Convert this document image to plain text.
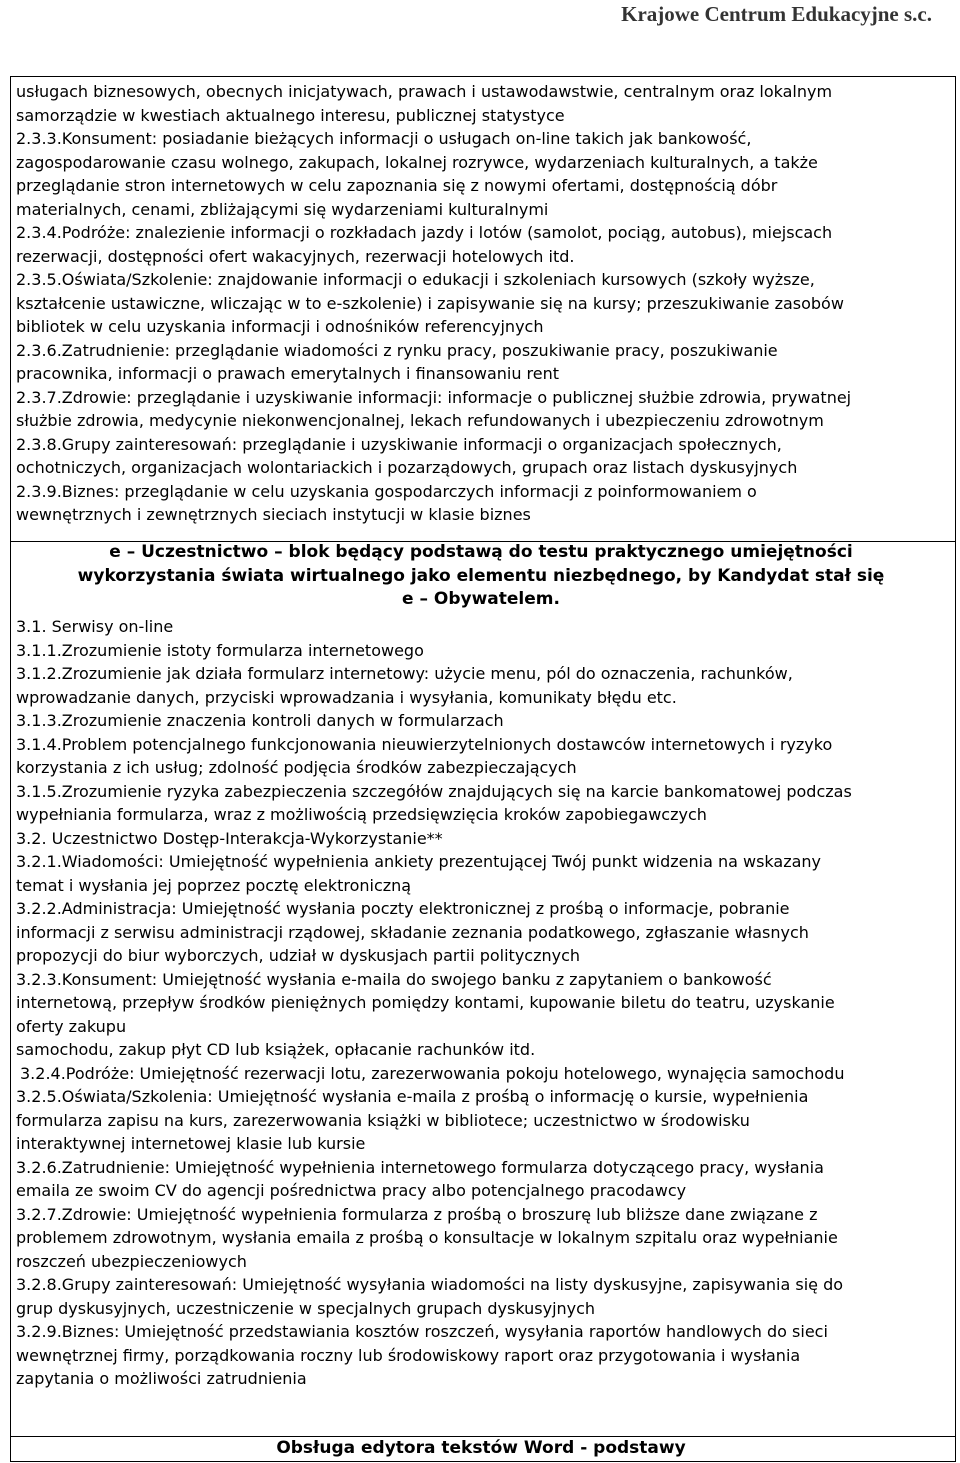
Krajowe Centrum Edukacyjne s.c.
usługach biznesowych, obecnych inicjatywach, prawach i ustawodawstwie, centralnym oraz lokalnym
samorządzie w kwestiach aktualnego interesu, publicznej statystyce
2.3.3.Konsument: posiadanie bieżących informacji o usługach on-line takich jak bankowość,
zagospodarowanie czasu wolnego, zakupach, lokalnej rozrywce, wydarzeniach kulturalnych, a także
przeglądanie stron internetowych w celu zapoznania się z nowymi ofertami, dostępnością dóbr
materialnych, cenami, zbliżającymi się wydarzeniami kulturalnymi
2.3.4.Podróże: znalezienie informacji o rozkładach jazdy i lotów (samolot, pociąg, autobus), miejscach
rezerwacji, dostępności ofert wakacyjnych, rezerwacji hotelowych itd.
2.3.5.Oświata/Szkolenie: znajdowanie informacji o edukacji i szkoleniach kursowych (szkoły wyższe,
kształcenie ustawiczne, wliczając w to e-szkolenie) i zapisywanie się na kursy; przeszukiwanie zasobów
bibliotek w celu uzyskania informacji i odnośników referencyjnych
2.3.6.Zatrudnienie: przeglądanie wiadomości z rynku pracy, poszukiwanie pracy, poszukiwanie
pracownika, informacji o prawach emerytalnych i finansowaniu rent
2.3.7.Zdrowie: przeglądanie i uzyskiwanie informacji: informacje o publicznej służbie zdrowia, prywatnej
służbie zdrowia, medycynie niekonwencjonalnej, lekach refundowanych i ubezpieczeniu zdrowotnym
2.3.8.Grupy zainteresowań: przeglądanie i uzyskiwanie informacji o organizacjach społecznych,
ochotniczych, organizacjach wolontariackich i pozarządowych, grupach oraz listach dyskusyjnych
2.3.9.Biznes: przeglądanie w celu uzyskania gospodarczych informacji z poinformowaniem o
wewnętrznych i zewnętrznych sieciach instytucji w klasie biznes
e – Uczestnictwo – blok będący podstawą do testu praktycznego umiejętności
wykorzystania świata wirtualnego jako elementu niezbędnego, by Kandydat stał się
e – Obywatelem.
3.1. Serwisy on-line
3.1.1.Zrozumienie istoty formularza internetowego
3.1.2.Zrozumienie jak działa formularz internetowy: użycie menu, pól do oznaczenia, rachunków,
wprowadzanie danych, przyciski wprowadzania i wysyłania, komunikaty błędu etc.
3.1.3.Zrozumienie znaczenia kontroli danych w formularzach
3.1.4.Problem potencjalnego funkcjonowania nieuwierzytelnionych dostawców internetowych i ryzyko
korzystania z ich usług; zdolność podjęcia środków zabezpieczających
3.1.5.Zrozumienie ryzyka zabezpieczenia szczegółów znajdujących się na karcie bankomatowej podczas
wypełniania formularza, wraz z możliwością przedsięwzięcia kroków zapobiegawczych
3.2. Uczestnictwo Dostęp-Interakcja-Wykorzystanie**
3.2.1.Wiadomości: Umiejętność wypełnienia ankiety prezentującej Twój punkt widzenia na wskazany
temat i wysłania jej poprzez pocztę elektroniczną
3.2.2.Administracja: Umiejętność wysłania poczty elektronicznej z prośbą o informacje, pobranie
informacji z serwisu administracji rządowej, składanie zeznania podatkowego, zgłaszanie własnych
propozycji do biur wyborczych, udział w dyskusjach partii politycznych
3.2.3.Konsument: Umiejętność wysłania e-maila do swojego banku z zapytaniem o bankowość
internetową, przepływ środków pieniężnych pomiędzy kontami, kupowanie biletu do teatru, uzyskanie
oferty zakupu
samochodu, zakup płyt CD lub książek, opłacanie rachunków itd.
3.2.4.Podróże: Umiejętność rezerwacji lotu, zarezerwowania pokoju hotelowego, wynajęcia samochodu
3.2.5.Oświata/Szkolenia: Umiejętność wysłania e-maila z prośbą o informację o kursie, wypełnienia
formularza zapisu na kurs, zarezerwowania książki w bibliotece; uczestnictwo w środowisku
interaktywnej internetowej klasie lub kursie
3.2.6.Zatrudnienie: Umiejętność wypełnienia internetowego formularza dotyczącego pracy, wysłania
emaila ze swoim CV do agencji pośrednictwa pracy albo potencjalnego pracodawcy
3.2.7.Zdrowie: Umiejętność wypełnienia formularza z prośbą o broszurę lub bliższe dane związane z
problemem zdrowotnym, wysłania emaila z prośbą o konsultacje w lokalnym szpitalu oraz wypełnianie
roszczeń ubezpieczeniowych
3.2.8.Grupy zainteresowań: Umiejętność wysyłania wiadomości na listy dyskusyjne, zapisywania się do
grup dyskusyjnych, uczestniczenie w specjalnych grupach dyskusyjnych
3.2.9.Biznes: Umiejętność przedstawiania kosztów roszczeń, wysyłania raportów handlowych do sieci
wewnętrznej firmy, porządkowania roczny lub środowiskowy raport oraz przygotowania i wysłania
zapytania o możliwości zatrudnienia
Obsługa edytora tekstów Word - podstawy
